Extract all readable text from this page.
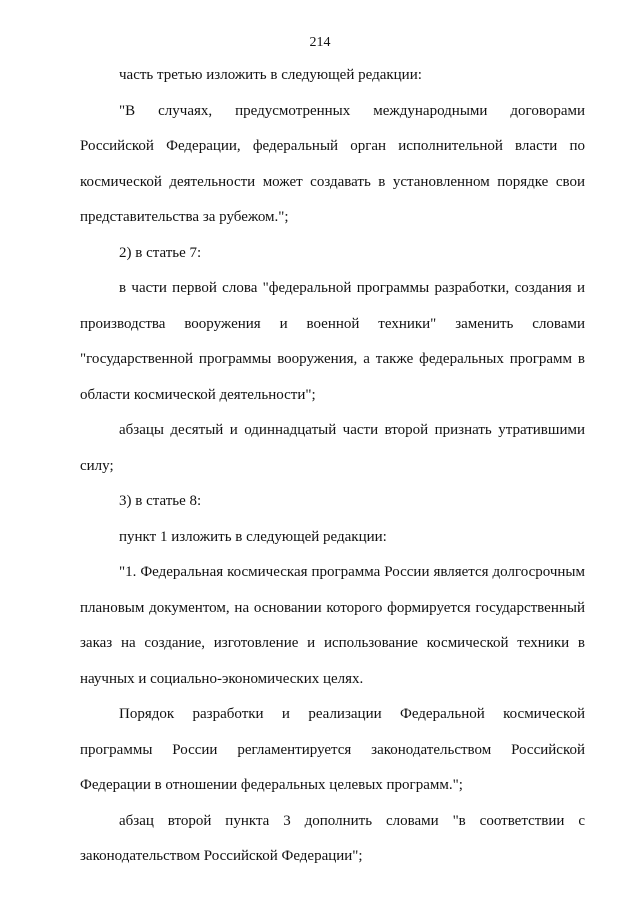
214

часть третью изложить в следующей редакции:

"В случаях, предусмотренных международными договорами Российской Федерации, федеральный орган исполнительной власти по космической деятельности может создавать в установленном порядке свои представительства за рубежом.";

2) в статье 7:

в части первой слова "федеральной программы разработки, создания и производства вооружения и военной техники" заменить словами "государственной программы вооружения, а также федеральных программ в области космической деятельности";

абзацы десятый и одиннадцатый части второй признать утратившими силу;

3) в статье 8:

пункт 1 изложить в следующей редакции:

"1. Федеральная космическая программа России является долгосрочным плановым документом, на основании которого формируется государственный заказ на создание, изготовление и использование космической техники в научных и социально-экономических целях.

Порядок разработки и реализации Федеральной космической программы России регламентируется законодательством Российской Федерации в отношении федеральных целевых программ.";

абзац второй пункта 3 дополнить словами "в соответствии с законодательством Российской Федерации";
